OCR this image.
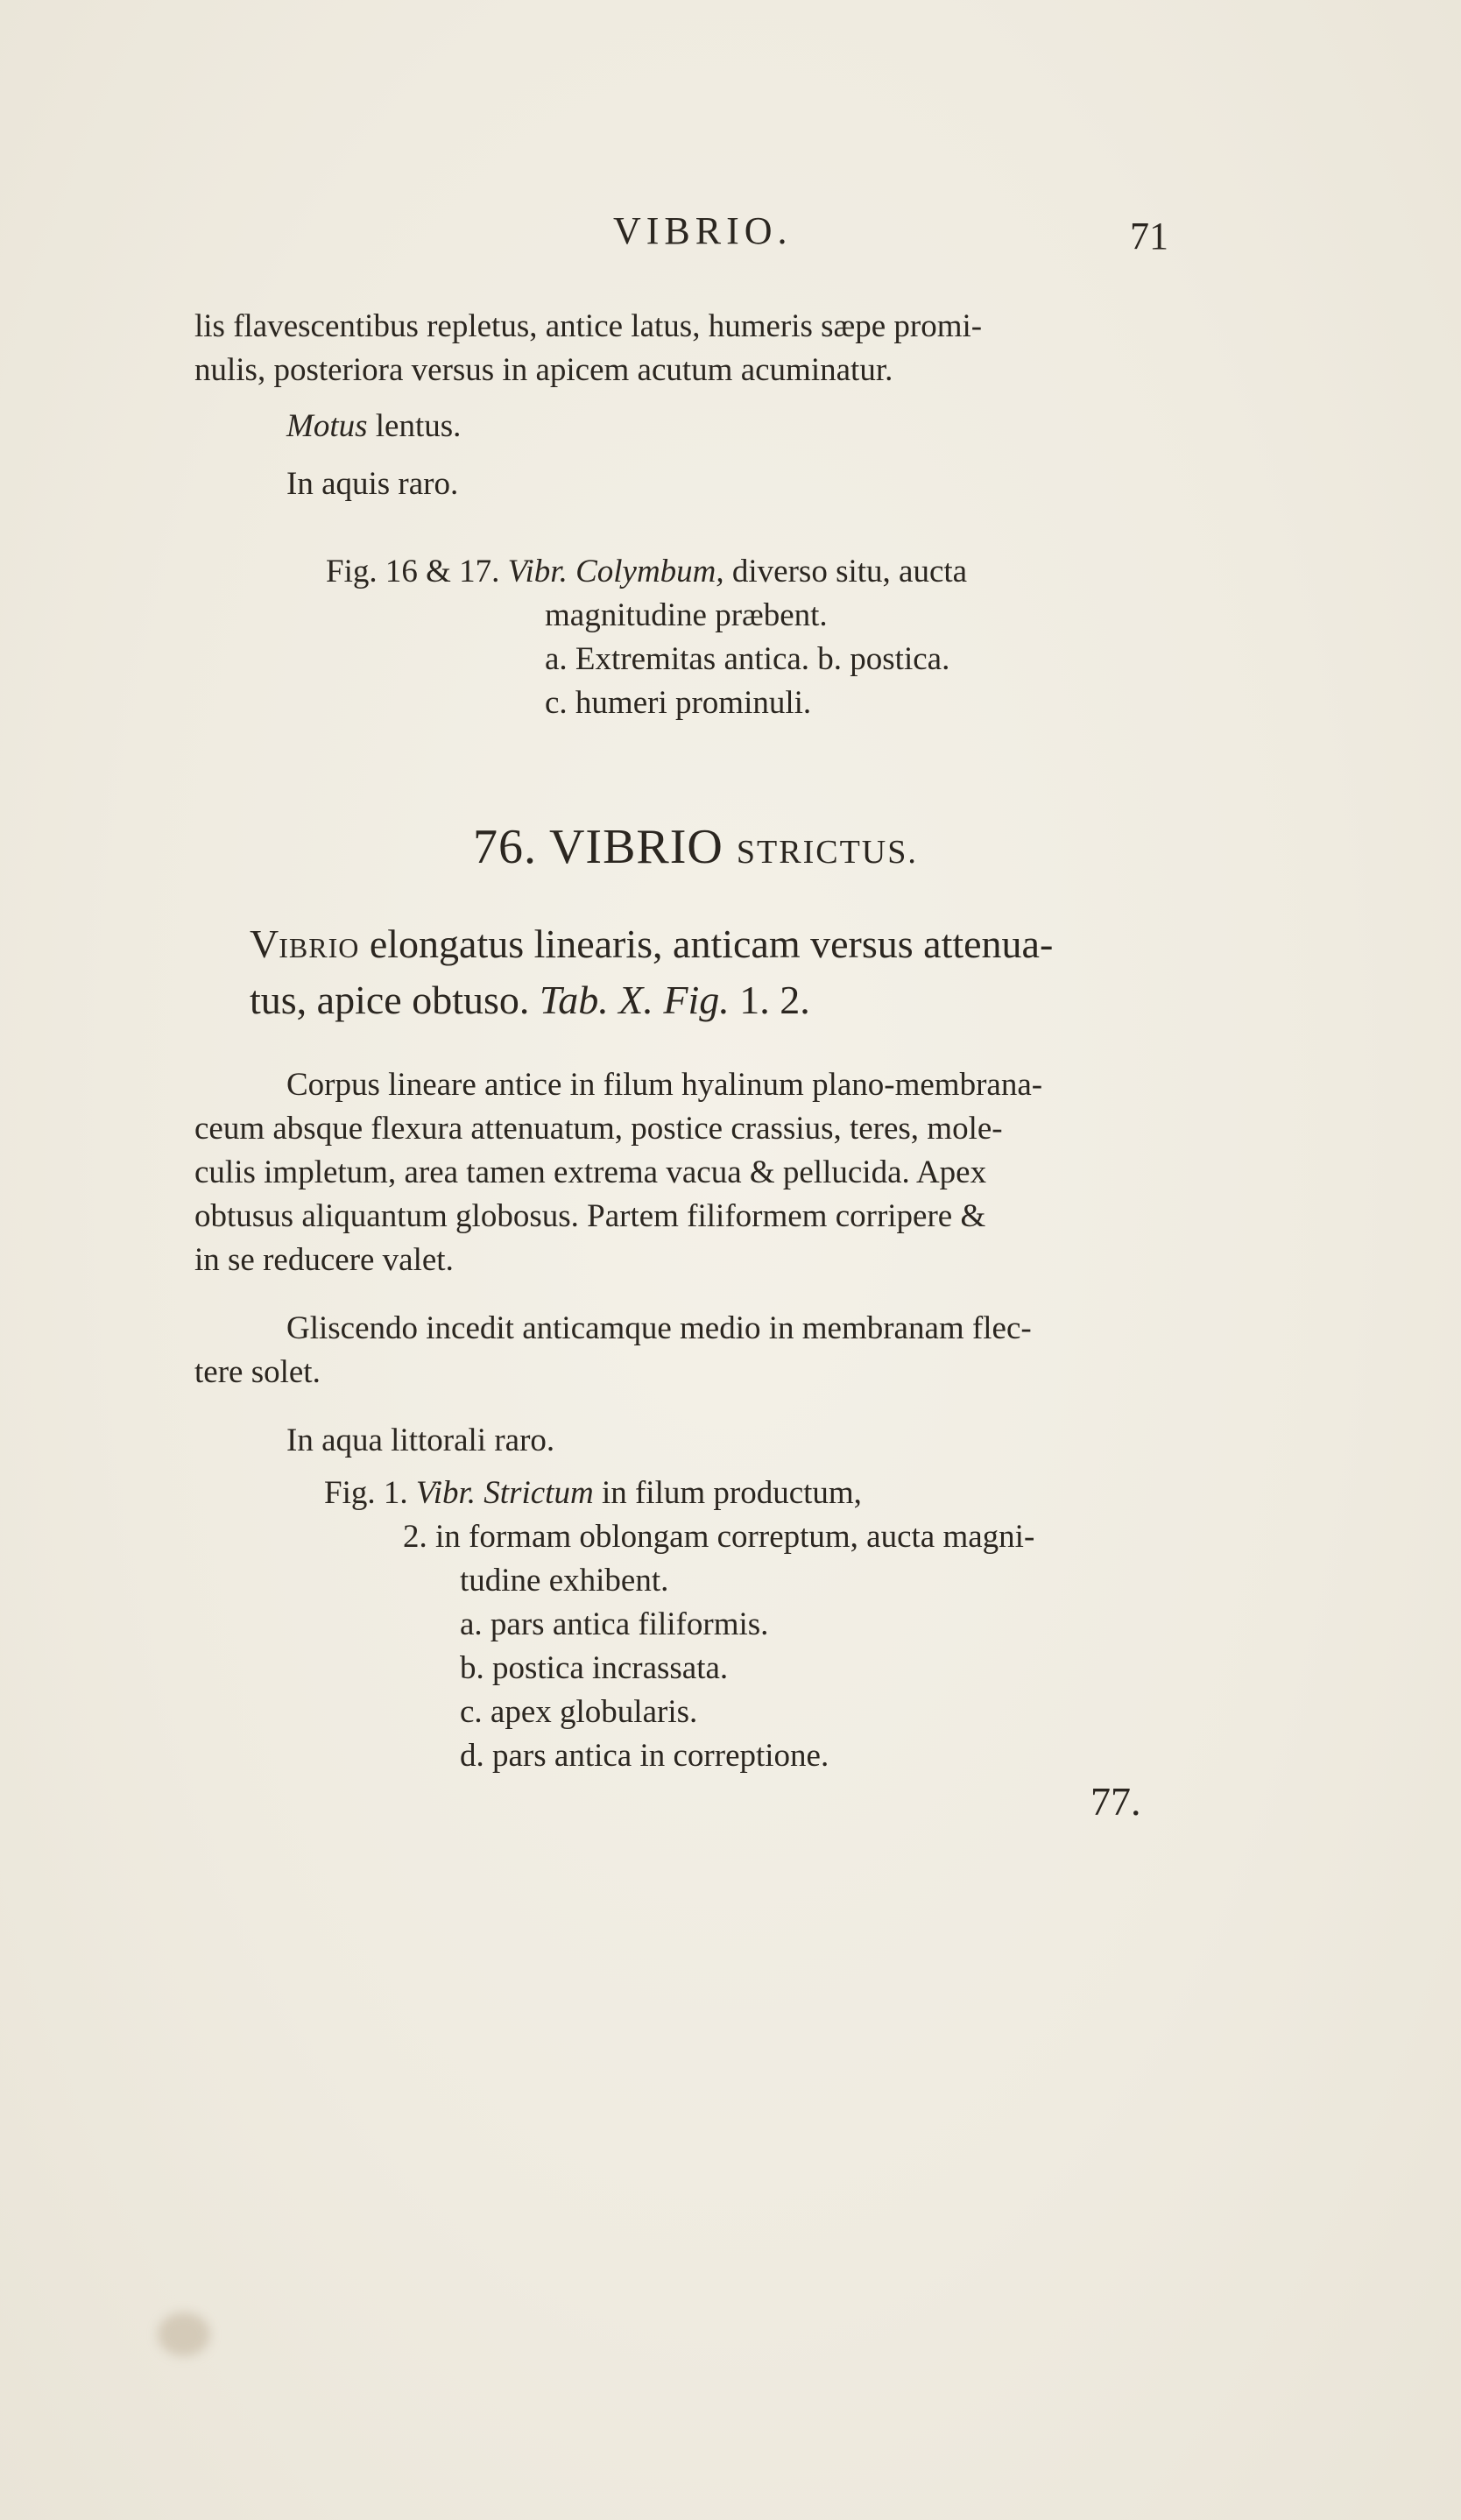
VIBRIO.	71
lis flavescentibus repletus, antice latus, humeris sæpe promi-
nulis, posteriora versus in apicem acutum acuminatur.
Motus lentus.
In aquis raro.
Fig. 16 & 17. Vibr. Colymbum, diverso situ, aucta
magnitudine præbent.
a. Extremitas antica. b. postica.
c. humeri prominuli.
76. VIBRIO STRICTUS.
VIBRIO elongatus linearis, anticam versus attenua-
tus, apice obtuso. Tab. X. Fig. 1. 2.
Corpus lineare antice in filum hyalinum plano-membrana-
ceum absque flexura attenuatum, postice crassius, teres, mole-
culis impletum, area tamen extrema vacua & pellucida. Apex
obtusus aliquantum globosus. Partem filiformem corripere &
in se reducere valet.
Gliscendo incedit anticamque medio in membranam flec-
tere solet.
In aqua littorali raro.
Fig. 1. Vibr. Strictum in filum productum,
2. in formam oblongam correptum, aucta magni-
tudine exhibent.
a. pars antica filiformis.
b. postica incrassata.
c. apex globularis.
d. pars antica in correptione.
77.
